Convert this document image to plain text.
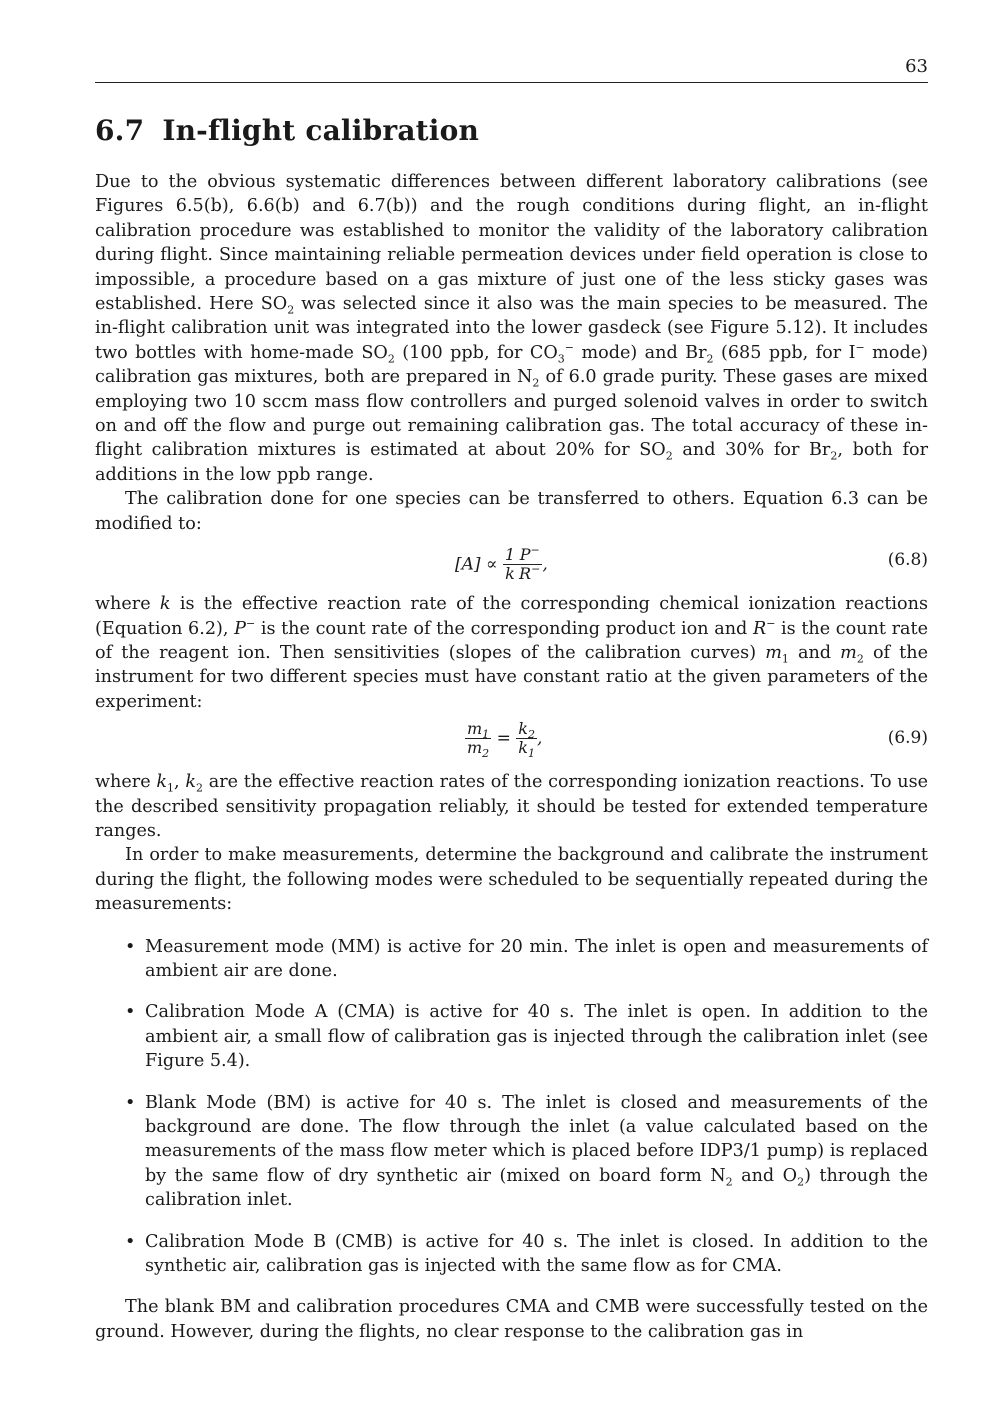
63
6.7 In-flight calibration

Due to the obvious systematic differences between different laboratory calibrations (see Figures 6.5(b), 6.6(b) and 6.7(b)) and the rough conditions during flight, an in-flight calibration procedure was established to monitor the validity of the laboratory calibration during flight. Since maintaining reliable permeation devices under field operation is close to impossible, a procedure based on a gas mixture of just one of the less sticky gases was established. Here $SO_2$ was selected since it also was the main species to be measured. The in-flight calibration unit was integrated into the lower gasdeck (see Figure 5.12). It includes two bottles with home-made $SO_2$ (100 ppb, for $CO_3^-$ mode) and $Br_2$ (685 ppb, for I− mode) calibration gas mixtures, both are prepared in $N_2$ of 6.0 grade purity. These gases are mixed employing two 10 sccm mass flow controllers and purged solenoid valves in order to switch on and off the flow and purge out remaining calibration gas. The total accuracy of these in-flight calibration mixtures is estimated at about 20% for $SO_2$ and 30% for $Br_2$, both for additions in the low ppb range.

The calibration done for one species can be transferred to others. Equation 6.3 can be modified to:

$[A] \propto \frac{1}{k} \frac{P^-}{R^-}$ ,	(6.8)

where k is the effective reaction rate of the corresponding chemical ionization reactions (Equation 6.2), P− is the count rate of the corresponding product ion and R− is the count rate of the reagent ion. Then sensitivities (slopes of the calibration curves) $m_1$ and $m_2$ of the instrument for two different species must have constant ratio at the given parameters of the experiment:

$\frac{m_1}{m_2} = \frac{k_2}{k_1}$ ,	(6.9)

where $k_1$, $k_2$ are the effective reaction rates of the corresponding ionization reactions. To use the described sensitivity propagation reliably, it should be tested for extended temperature ranges.

In order to make measurements, determine the background and calibrate the instrument during the flight, the following modes were scheduled to be sequentially repeated during the measurements:

• Measurement mode (MM) is active for 20 min. The inlet is open and measurements of ambient air are done.
• Calibration Mode A (CMA) is active for 40 s. The inlet is open. In addition to the ambient air, a small flow of calibration gas is injected through the calibration inlet (see Figure 5.4).
• Blank Mode (BM) is active for 40 s. The inlet is closed and measurements of the background are done. The flow through the inlet (a value calculated based on the measurements of the mass flow meter which is placed before IDP3/1 pump) is replaced by the same flow of dry synthetic air (mixed on board form $N_2$ and $O_2$) through the calibration inlet.
• Calibration Mode B (CMB) is active for 40 s. The inlet is closed. In addition to the synthetic air, calibration gas is injected with the same flow as for CMA.

The blank BM and calibration procedures CMA and CMB were successfully tested on the ground. However, during the flights, no clear response to the calibration gas in
